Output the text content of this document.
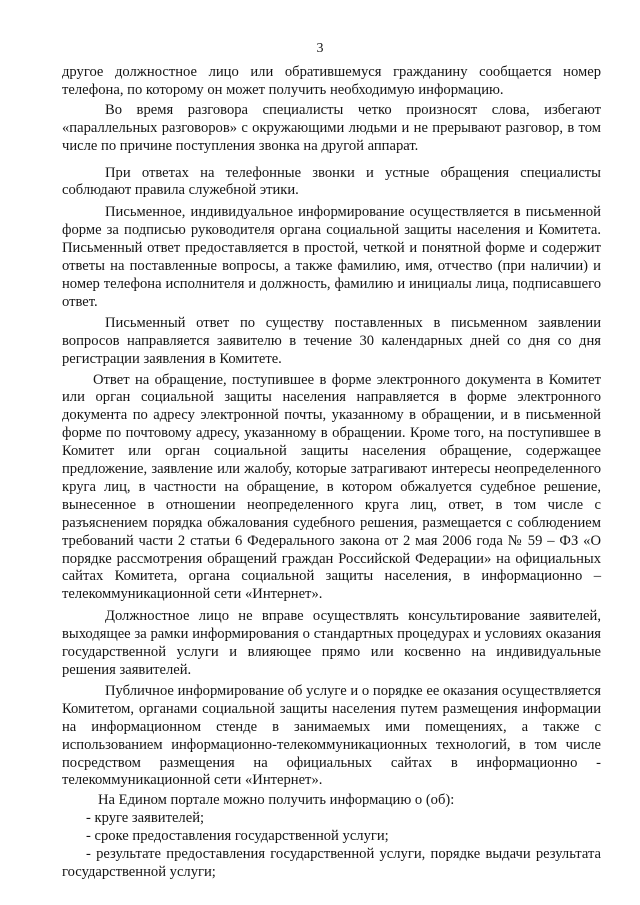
3

другое должностное лицо или обратившемуся гражданину сообщается номер телефона, по которому он может получить необходимую информацию.

Во время разговора специалисты четко произносят слова, избегают «параллельных разговоров» с окружающими людьми и не прерывают разговор, в том числе по причине поступления звонка на другой аппарат.

При ответах на телефонные звонки и устные обращения специалисты соблюдают правила служебной этики.

Письменное, индивидуальное информирование осуществляется в письменной форме за подписью руководителя органа социальной защиты населения и Комитета. Письменный ответ предоставляется в простой, четкой и понятной форме и содержит ответы на поставленные вопросы, а также фамилию, имя, отчество (при наличии) и номер телефона исполнителя и должность, фамилию и инициалы лица, подписавшего ответ.

Письменный ответ по существу поставленных в письменном заявлении вопросов направляется заявителю в течение 30 календарных дней со дня со дня регистрации заявления в Комитете.

Ответ на обращение, поступившее в форме электронного документа в Комитет или орган социальной защиты населения направляется в форме электронного документа по адресу электронной почты, указанному в обращении, и в письменной форме по почтовому адресу, указанному в обращении. Кроме того, на поступившее в Комитет или орган социальной защиты населения обращение, содержащее предложение, заявление или жалобу, которые затрагивают интересы неопределенного круга лиц, в частности на обращение, в котором обжалуется судебное решение, вынесенное в отношении неопределенного круга лиц, ответ, в том числе с разъяснением порядка обжалования судебного решения, размещается с соблюдением требований части 2 статьи 6 Федерального закона от 2 мая 2006 года № 59 – ФЗ «О порядке рассмотрения обращений граждан Российской Федерации» на официальных сайтах Комитета, органа социальной защиты населения, в информационно – телекоммуникационной сети «Интернет».

Должностное лицо не вправе осуществлять консультирование заявителей, выходящее за рамки информирования о стандартных процедурах и условиях оказания государственной услуги и влияющее прямо или косвенно на индивидуальные решения заявителей.

Публичное информирование об услуге и о порядке ее оказания осуществляется Комитетом, органами социальной защиты населения путем размещения информации на информационном стенде в занимаемых ими помещениях, а также с использованием информационно-телекоммуникационных технологий, в том числе посредством размещения на официальных сайтах в информационно - телекоммуникационной сети «Интернет».

На Едином портале можно получить информацию о (об):

- круге заявителей;

- сроке предоставления государственной услуги;

- результате предоставления государственной услуги, порядке выдачи результата государственной услуги;
